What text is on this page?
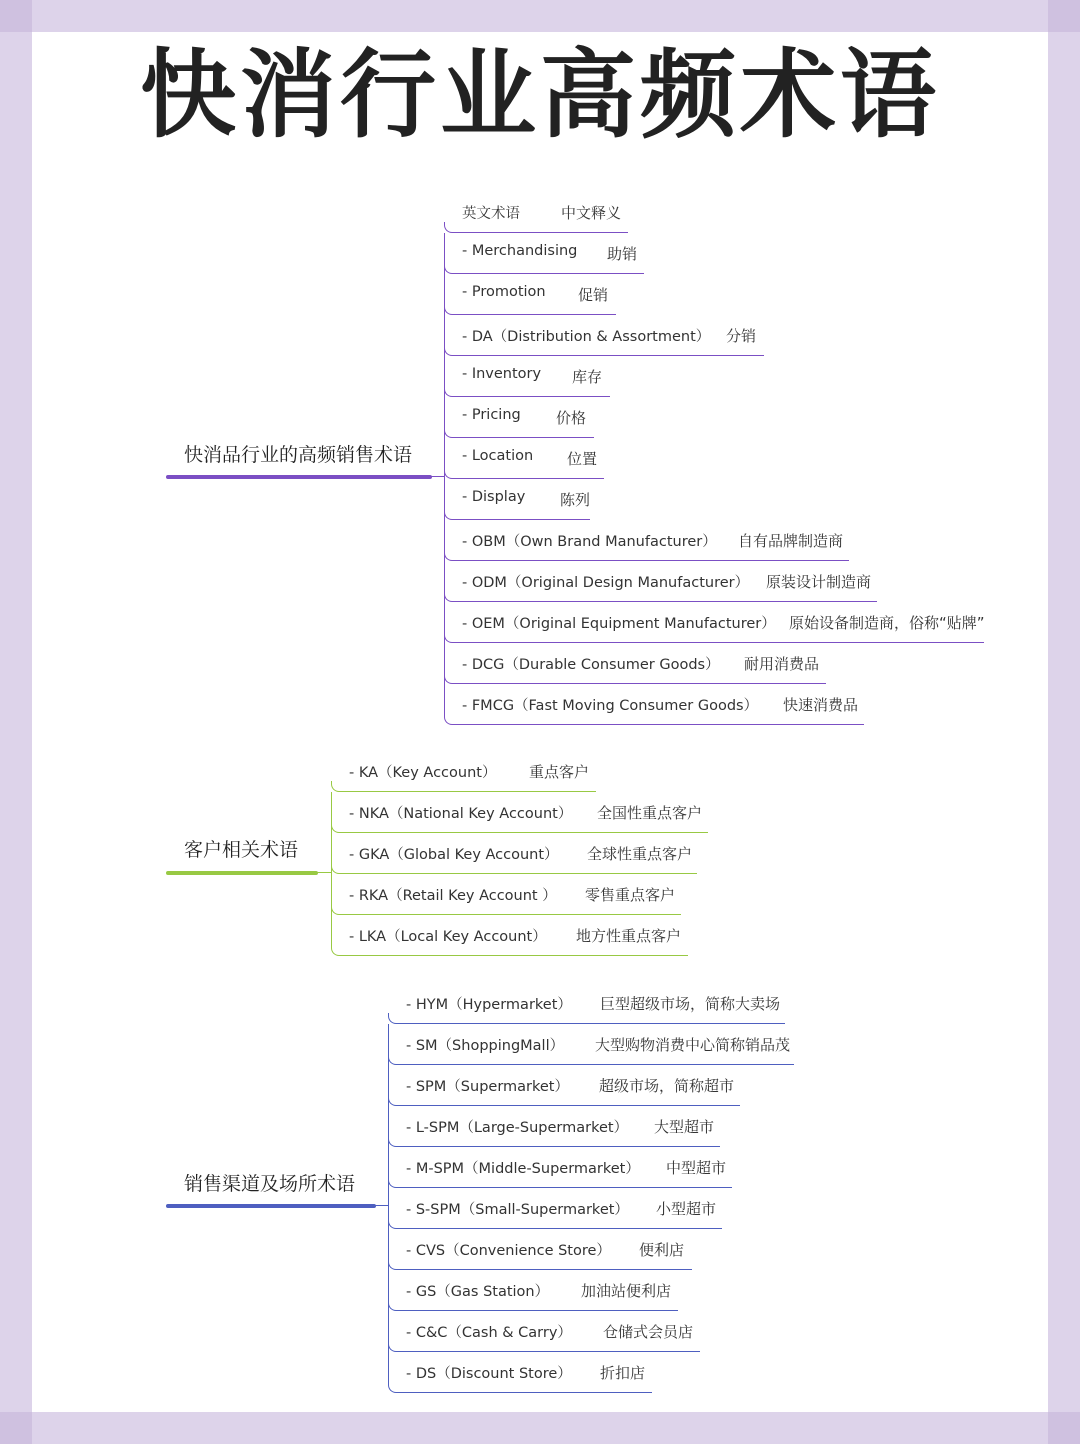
快消行业高频术语
快消品行业的高频销售术语
英文术语	中文释义
- Merchandising 助销
- Promotion 促销
- DA（Distribution & Assortment） 分销
- Inventory 库存
- Pricing 价格
- Location 位置
- Display 陈列
- OBM（Own Brand Manufacturer） 自有品牌制造商
- ODM（Original Design Manufacturer） 原装设计制造商
- OEM（Original Equipment Manufacturer） 原始设备制造商，俗称“贴牌”
- DCG（Durable Consumer Goods） 耐用消费品
- FMCG（Fast Moving Consumer Goods） 快速消费品
客户相关术语
- KA（Key Account） 重点客户
- NKA（National Key Account） 全国性重点客户
- GKA（Global Key Account） 全球性重点客户
- RKA（Retail Key Account ） 零售重点客户
- LKA（Local Key Account） 地方性重点客户
销售渠道及场所术语
- HYM（Hypermarket） 巨型超级市场，简称大卖场
- SM（ShoppingMall） 大型购物消费中心简称销品茂
- SPM（Supermarket） 超级市场，简称超市
- L-SPM（Large-Supermarket） 大型超市
- M-SPM（Middle-Supermarket） 中型超市
- S-SPM（Small-Supermarket） 小型超市
- CVS（Convenience Store） 便利店
- GS（Gas Station） 加油站便利店
- C&C（Cash & Carry） 仓储式会员店
- DS（Discount Store） 折扣店
